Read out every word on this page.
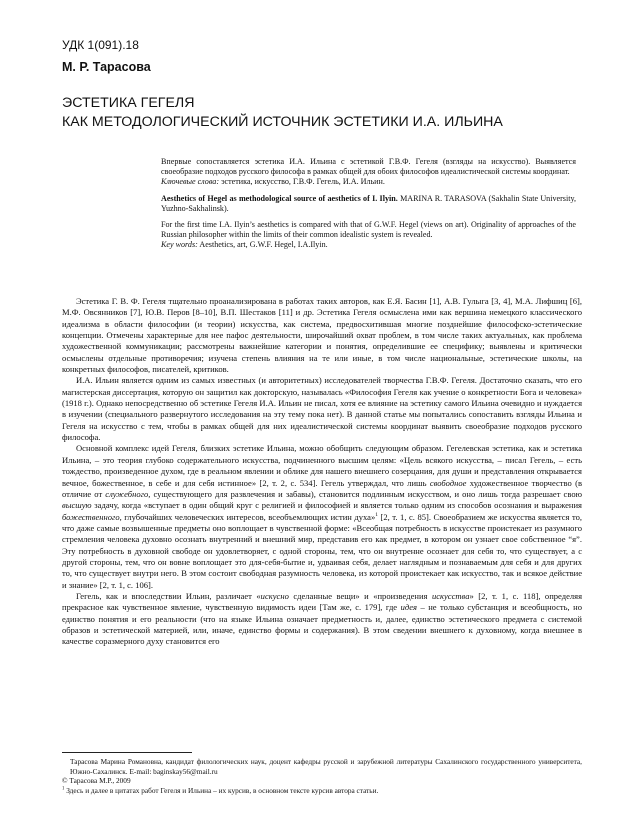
УДК 1(091).18
М. Р. Тарасова
ЭСТЕТИКА ГЕГЕЛЯ
КАК МЕТОДОЛОГИЧЕСКИЙ ИСТОЧНИК ЭСТЕТИКИ И.А. ИЛЬИНА

Впервые сопоставляется эстетика И.А. Ильина с эстетикой Г.В.Ф. Гегеля (взгляды на искусство). Выявляется своеобразие подходов русского философа в рамках общей для обоих философов идеалистической системы координат.

Ключевые слова: эстетика, искусство, Г.В.Ф. Гегель, И.А. Ильин.

Aesthetics of Hegel as methodological source of aesthetics of I. Ilyin. MARINA R. TARASOVA (Sakhalin State University, Yuzhno-Sakhalinsk).

For the first time I.A. Ilyin’s aesthetics is compared with that of G.W.F. Hegel (views on art). Originality of approaches of the Russian philosopher within the limits of their common idealistic system is revealed.

Key words: Aesthetics, art, G.W.F. Hegel, I.A.Ilyin.

Эстетика Г. В. Ф. Гегеля тщательно проанализирована в работах таких авторов, как Е.Я. Басин [1], А.В. Гулыга [3, 4], М.А. Лифшиц [6], М.Ф. Овсянников [7], Ю.В. Перов [8–10], В.П. Шестаков [11] и др. Эстетика Гегеля осмыслена ими как вершина немецкого классического идеализма в области философии (и теории) искусства, как система, предвосхитившая многие позднейшие философско-эстетические концепции. Отмечены характерные для нее пафос деятельности, широчайший охват проблем, в том числе таких актуальных, как проблема художественной коммуникации; рассмотрены важнейшие категории и понятия, определившие ее специфику; выявлены и критически осмыслены отдельные противоречия; изучена степень влияния на те или иные, в том числе национальные, эстетические школы, на конкретных философов, писателей, критиков.

И.А. Ильин является одним из самых известных (и авторитетных) исследователей творчества Г.В.Ф. Гегеля. Достаточно сказать, что его магистерская диссертация, которую он защитил как докторскую, называлась «Философия Гегеля как учение о конкретности Бога и человека» (1918 г.). Однако непосредственно об эстетике Гегеля И.А. Ильин не писал, хотя ее влияние на эстетику самого Ильина очевидно и нуждается в изучении (специального развернутого исследования на эту тему пока нет). В данной статье мы попытались сопоставить взгляды Ильина и Гегеля на искусство с тем, чтобы в рамках общей для них идеалистической системы координат выявить своеобразие подходов русского философа.

Основной комплекс идей Гегеля, близких эстетике Ильина, можно обобщить следующим образом. Гегелевская эстетика, как и эстетика Ильина, – это теория глубоко содержательного искусства, подчиненного высшим целям: «Цель всякого искусства, – писал Гегель, – есть тождество, произведенное духом, где в реальном явлении и облике для нашего внешнего созерцания, для души и представления открывается вечное, божественное, в себе и для себя истинное» [2, т. 2, с. 534]. Гегель утверждал, что лишь свободное художественное творчество (в отличие от служебного, существующего для развлечения и забавы), становится подлинным искусством, и оно лишь тогда разрешает свою высшую задачу, когда «вступает в один общий круг с религией и философией и является только одним из способов осознания и выражения божественного, глубочайших человеческих интересов, всеобъемлющих истин духа»$^1$ [2, т. 1, с. 85]. Своеобразием же искусства является то, что даже самые возвышенные предметы оно воплощает в чувственной форме: «Всеобщая потребность в искусстве проистекает из разумного стремления человека духовно осознать внутренний и внешний мир, представив его как предмет, в котором он узнает свое собственное “я”. Эту потребность в духовной свободе он удовлетворяет, с одной стороны, тем, что он внутренне осознает для себя то, что существует, а с другой стороны, тем, что он вовне воплощает это для-себя-бытие и, удваивая себя, делает наглядным и познаваемым для себя и для других то, что существует внутри него. В этом состоит свободная разумность человека, из которой проистекает как искусство, так и всякое действие и знание» [2, т. 1, с. 106].

Гегель, как и впоследствии Ильин, различает «искусно сделанные вещи» и «произведения искусства» [2, т. 1, с. 118], определяя прекрасное как чувственное явление, чувственную видимость идеи [Там же, с. 179], где идея – не только субстанция и всеобщность, но единство понятия и его реальности (что на языке Ильина означает предметность и, далее, единство эстетического предмета с системой образов и эстетической материей, или, иначе, единство формы и содержания). В этом сведении внешнего к духовному, когда внешнее в качестве соразмерного духу становится его

Тарасова Марина Романовна, кандидат филологических наук, доцент кафедры русской и зарубежной литературы Сахалинского государственного университета, Южно-Сахалинск. E-mail: baginskay56@mail.ru

© Тарасова М.Р., 2009

$^1$ Здесь и далее в цитатах работ Гегеля и Ильина – их курсив, в основном тексте курсив автора статьи.
